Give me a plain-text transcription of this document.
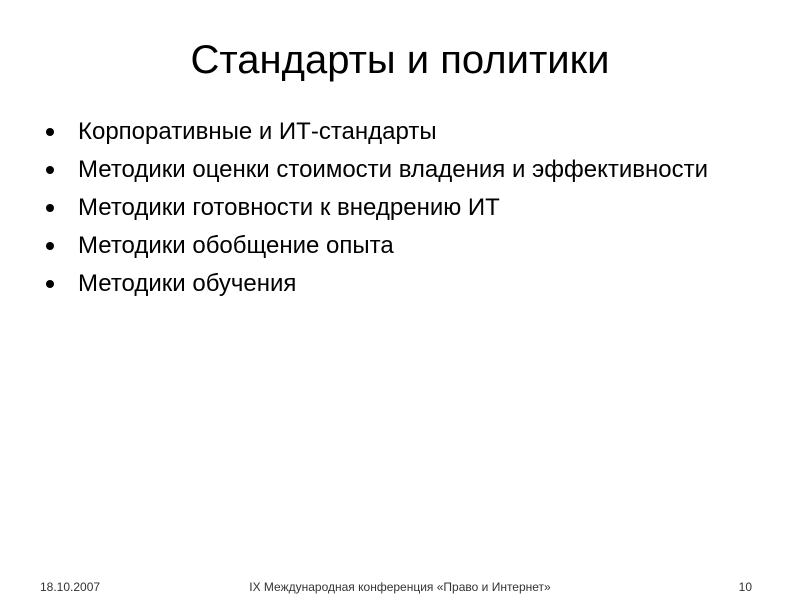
Стандарты и политики
Корпоративные и ИТ-стандарты
Методики оценки стоимости владения и эффективности
Методики готовности к внедрению ИТ
Методики обобщение опыта
Методики обучения
18.10.2007	IX Международная конференция «Право и Интернет»	10
